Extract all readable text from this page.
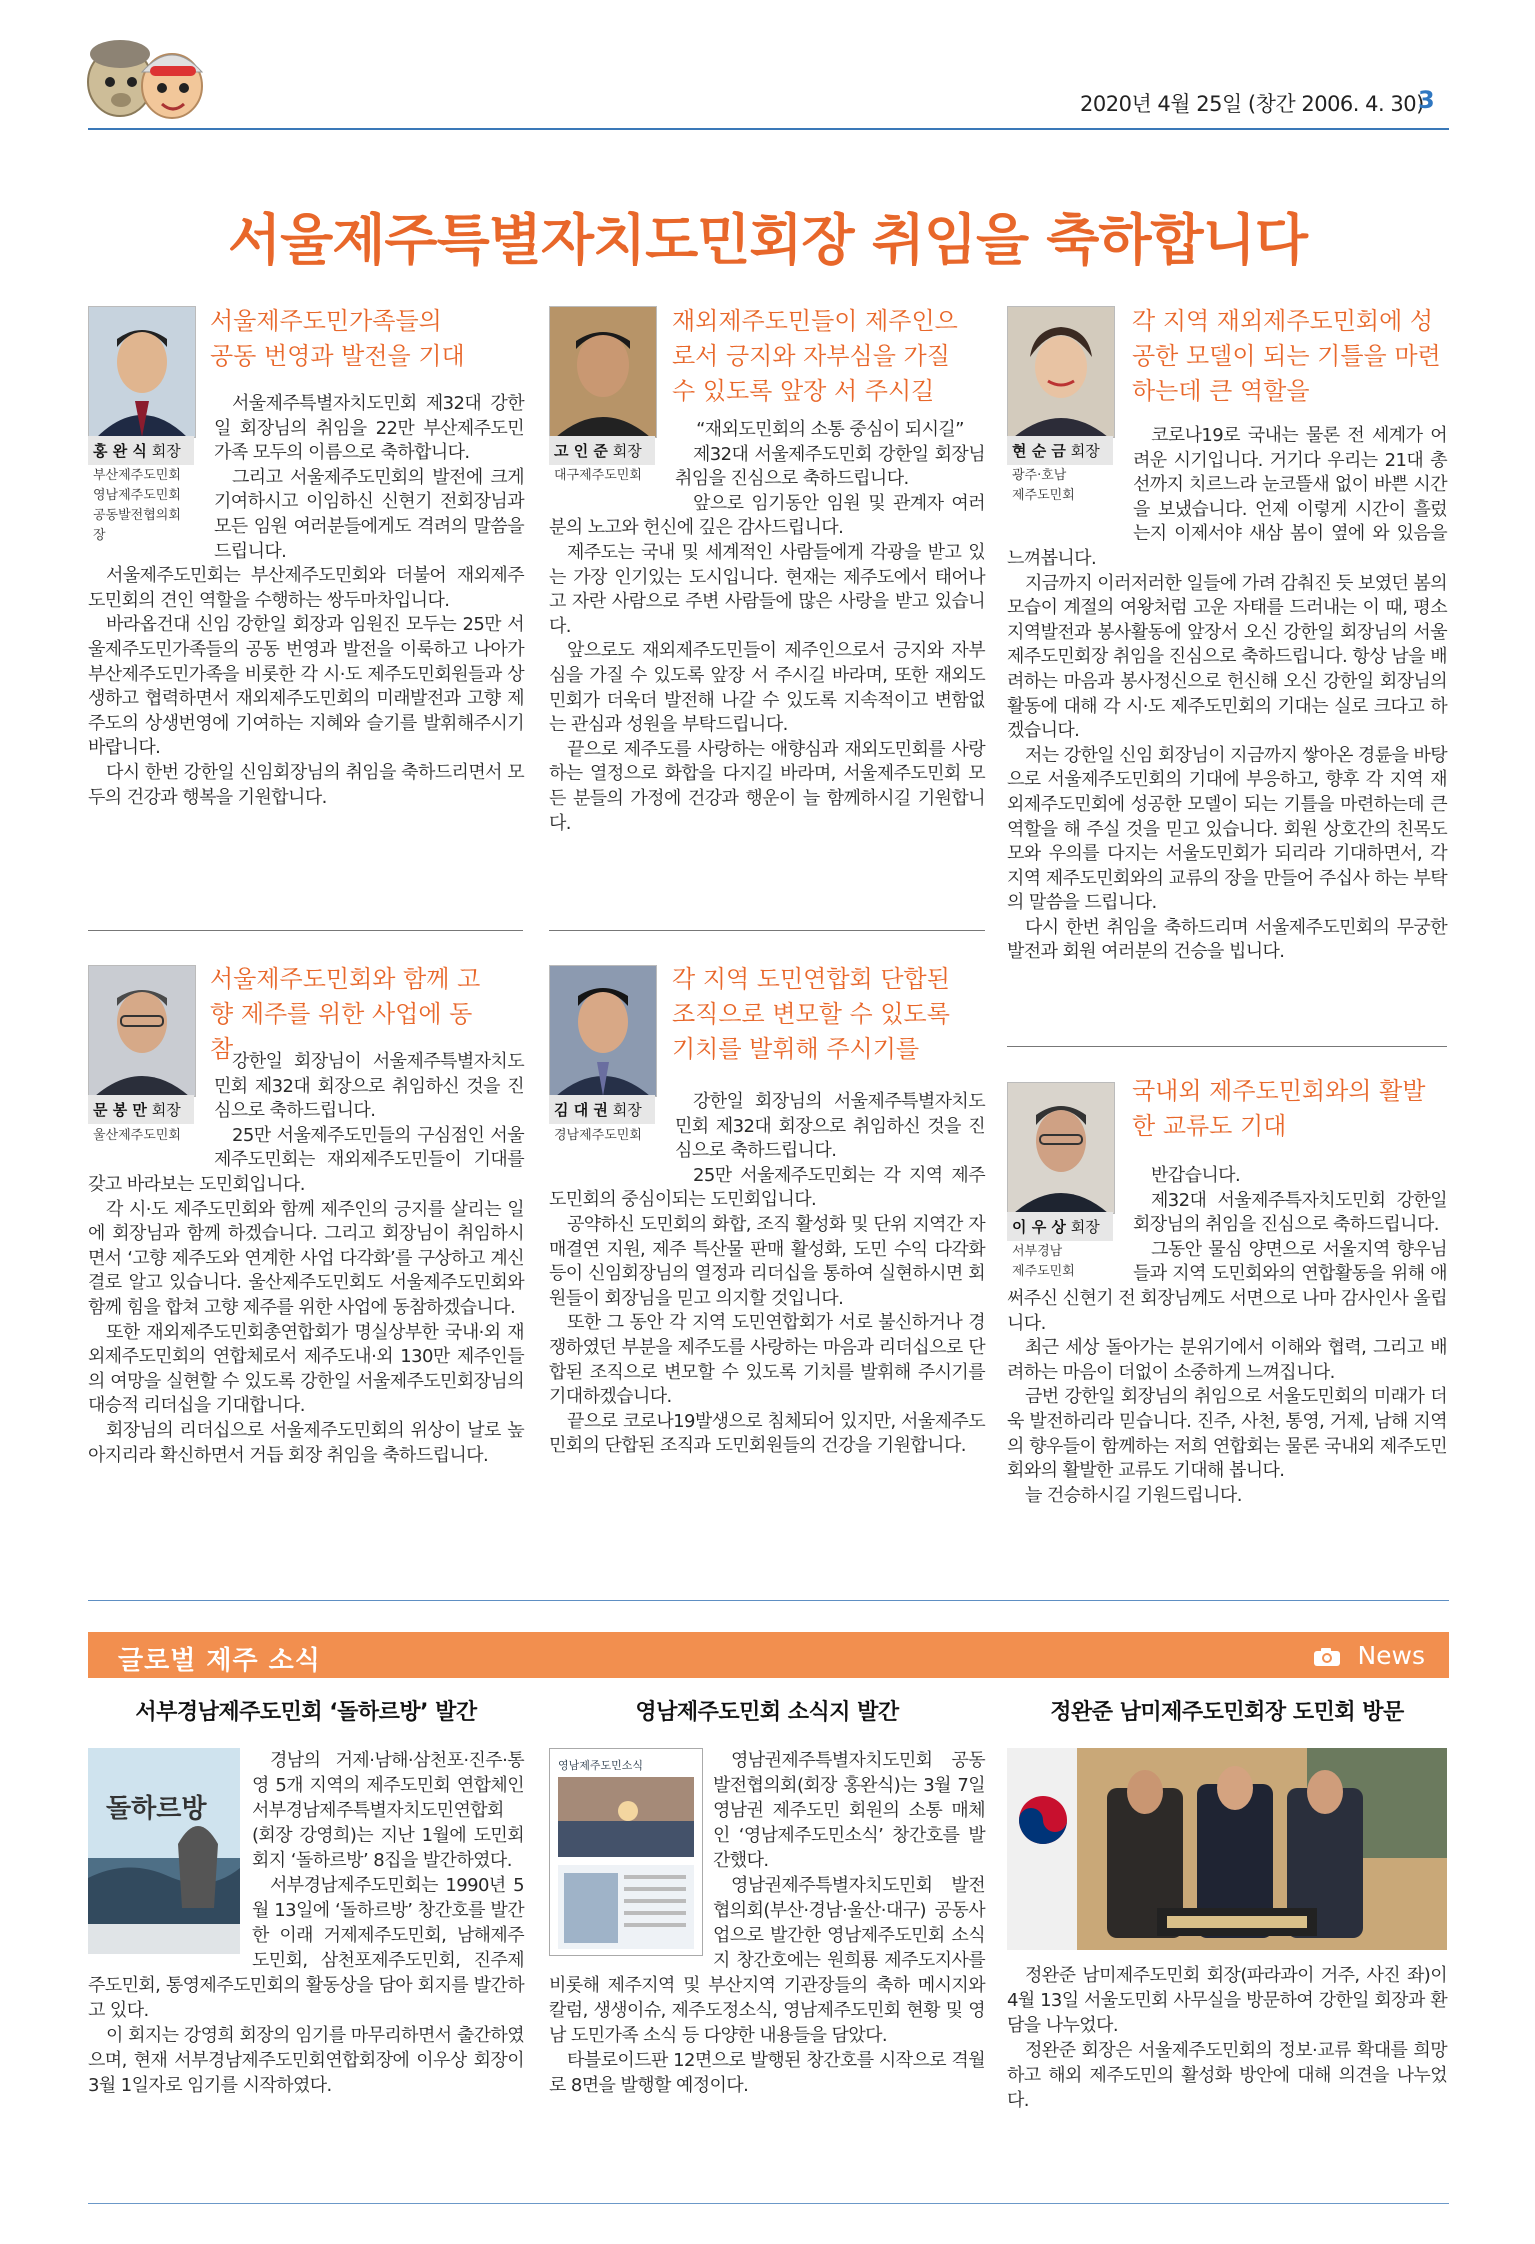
2020년 4월 25일 (창간 2006. 4. 30)
3
서울제주특별자치도민회장 취임을 축하합니다
홍 완 식 회장
부산제주도민회
영남제주도민회
공동발전협의회장
서울제주도민가족들의 공동 번영과 발전을 기대

서울제주특별자치도민회 제32대 강한일 회장님의 취임을 22만 부산제주도민 가족 모두의 이름으로 축하합니다.

그리고 서울제주도민회의 발전에 크게 기여하시고 이임하신 신현기 전회장님과 모든 임원 여러분들에게도 격려의 말씀을 드립니다.

서울제주도민회는 부산제주도민회와 더불어 재외제주도민회의 견인 역할을 수행하는 쌍두마차입니다.

바라옵건대 신임 강한일 회장과 임원진 모두는 25만 서울제주도민가족들의 공동 번영과 발전을 이룩하고 나아가 부산제주도민가족을 비롯한 각 시·도 제주도민회원들과 상생하고 협력하면서 재외제주도민회의 미래발전과 고향 제주도의 상생번영에 기여하는 지혜와 슬기를 발휘해주시기 바랍니다.

다시 한번 강한일 신임회장님의 취임을 축하드리면서 모두의 건강과 행복을 기원합니다.

고 인 준 회장
대구제주도민회
재외제주도민들이 제주인으로서 긍지와 자부심을 가질 수 있도록 앞장 서 주시길

“재외도민회의 소통 중심이 되시길”

제32대 서울제주도민회 강한일 회장님 취임을 진심으로 축하드립니다.

앞으로 임기동안 임원 및 관계자 여러분의 노고와 헌신에 깊은 감사드립니다.

제주도는 국내 및 세계적인 사람들에게 각광을 받고 있는 가장 인기있는 도시입니다. 현재는 제주도에서 태어나고 자란 사람으로 주변 사람들에 많은 사랑을 받고 있습니다.

앞으로도 재외제주도민들이 제주인으로서 긍지와 자부심을 가질 수 있도록 앞장 서 주시길 바라며, 또한 재외도민회가 더욱더 발전해 나갈 수 있도록 지속적이고 변함없는 관심과 성원을 부탁드립니다.

끝으로 제주도를 사랑하는 애향심과 재외도민회를 사랑하는 열정으로 화합을 다지길 바라며, 서울제주도민회 모든 분들의 가정에 건강과 행운이 늘 함께하시길 기원합니다.

현 순 금 회장
광주·호남
제주도민회
각 지역 재외제주도민회에 성공한 모델이 되는 기틀을 마련하는데 큰 역할을

코로나19로 국내는 물론 전 세계가 어려운 시기입니다. 거기다 우리는 21대 총선까지 치르느라 눈코뜰새 없이 바쁜 시간을 보냈습니다. 언제 이렇게 시간이 흘렀는지 이제서야 새삼 봄이 옆에 와 있음을 느껴봅니다.

지금까지 이러저러한 일들에 가려 감춰진 듯 보였던 봄의 모습이 계절의 여왕처럼 고운 자태를 드러내는 이 때, 평소 지역발전과 봉사활동에 앞장서 오신 강한일 회장님의 서울제주도민회장 취임을 진심으로 축하드립니다. 항상 남을 배려하는 마음과 봉사정신으로 헌신해 오신 강한일 회장님의 활동에 대해 각 시·도 제주도민회의 기대는 실로 크다고 하겠습니다.

저는 강한일 신임 회장님이 지금까지 쌓아온 경륜을 바탕으로 서울제주도민회의 기대에 부응하고, 향후 각 지역 재외제주도민회에 성공한 모델이 되는 기틀을 마련하는데 큰 역할을 해 주실 것을 믿고 있습니다. 회원 상호간의 친목도모와 우의를 다지는 서울도민회가 되리라 기대하면서, 각 지역 제주도민회와의 교류의 장을 만들어 주십사 하는 부탁의 말씀을 드립니다.

다시 한번 취임을 축하드리며 서울제주도민회의 무궁한 발전과 회원 여러분의 건승을 빕니다.

문 봉 만 회장
울산제주도민회
서울제주도민회와 함께 고향 제주를 위한 사업에 동참

강한일 회장님이 서울제주특별자치도민회 제32대 회장으로 취임하신 것을 진심으로 축하드립니다.

25만 서울제주도민들의 구심점인 서울제주도민회는 재외제주도민들이 기대를 갖고 바라보는 도민회입니다.

각 시·도 제주도민회와 함께 제주인의 긍지를 살리는 일에 회장님과 함께 하겠습니다. 그리고 회장님이 취임하시면서 ‘고향 제주도와 연계한 사업 다각화’를 구상하고 계신 결로 알고 있습니다. 울산제주도민회도 서울제주도민회와 함께 힘을 합쳐 고향 제주를 위한 사업에 동참하겠습니다.

또한 재외제주도민회총연합회가 명실상부한 국내·외 재외제주도민회의 연합체로서 제주도내·외 130만 제주인들의 여망을 실현할 수 있도록 강한일 서울제주도민회장님의 대승적 리더십을 기대합니다.

회장님의 리더십으로 서울제주도민회의 위상이 날로 높아지리라 확신하면서 거듭 회장 취임을 축하드립니다.

김 대 권 회장
경남제주도민회
각 지역 도민연합회 단합된 조직으로 변모할 수 있도록 기치를 발휘해 주시기를

강한일 회장님의 서울제주특별자치도민회 제32대 회장으로 취임하신 것을 진심으로 축하드립니다.

25만 서울제주도민회는 각 지역 제주도민회의 중심이되는 도민회입니다.

공약하신 도민회의 화합, 조직 활성화 및 단위 지역간 자매결연 지원, 제주 특산물 판매 활성화, 도민 수익 다각화 등이 신임회장님의 열정과 리더십을 통하여 실현하시면 회원들이 회장님을 믿고 의지할 것입니다.

또한 그 동안 각 지역 도민연합회가 서로 불신하거나 경쟁하였던 부분을 제주도를 사랑하는 마음과 리더십으로 단합된 조직으로 변모할 수 있도록 기치를 발휘해 주시기를 기대하겠습니다.

끝으로 코로나19발생으로 침체되어 있지만, 서울제주도민회의 단합된 조직과 도민회원들의 건강을 기원합니다.

이 우 상 회장
서부경남
제주도민회
국내외 제주도민회와의 활발한 교류도 기대

반갑습니다.

제32대 서울제주특자치도민회 강한일 회장님의 취임을 진심으로 축하드립니다.

그동안 물심 양면으로 서울지역 향우님들과 지역 도민회와의 연합활동을 위해 애써주신 신현기 전 회장님께도 서면으로 나마 감사인사 올립니다.

최근 세상 돌아가는 분위기에서 이해와 협력, 그리고 배려하는 마음이 더없이 소중하게 느껴집니다.

금번 강한일 회장님의 취임으로 서울도민회의 미래가 더욱 발전하리라 믿습니다. 진주, 사천, 통영, 거제, 남해 지역의 향우들이 함께하는 저희 연합회는 물론 국내외 제주도민회와의 활발한 교류도 기대해 봅니다.

늘 건승하시길 기원드립니다.

글로벌 제주 소식	News
서부경남제주도민회 ‘돌하르방’ 발간
돌하르방

경남의 거제·남해·삼천포·진주·통영 5개 지역의 제주도민회 연합체인 서부경남제주특별자치도민연합회(회장 강영희)는 지난 1월에 도민회 회지 ‘돌하르방’ 8집을 발간하였다.

서부경남제주도민회는 1990년 5월 13일에 ‘돌하르방’ 창간호를 발간한 이래 거제제주도민회, 남해제주도민회, 삼천포제주도민회, 진주제주도민회, 통영제주도민회의 활동상을 담아 회지를 발간하고 있다.

이 회지는 강영희 회장의 임기를 마무리하면서 출간하였으며, 현재 서부경남제주도민회연합회장에 이우상 회장이 3월 1일자로 임기를 시작하였다.

영남제주도민회 소식지 발간
영남제주도민소식	영남권제주특별자치도민회 공동발전협의회(회장 홍완식)는 3월 7일 영남권 제주도민 회원의 소통 매체인 ‘영남제주도민소식’ 창간호를 발간했다.

영남권제주특별자치도민회 발전협의회(부산·경남·울산·대구) 공동사업으로 발간한 영남제주도민회 소식지 창간호에는 원희룡 제주도지사를 비롯해 제주지역 및 부산지역 기관장들의 축하 메시지와 칼럼, 생생이슈, 제주도정소식, 영남제주도민회 현황 및 영남 도민가족 소식 등 다양한 내용들을 담았다.

타블로이드판 12면으로 발행된 창간호를 시작으로 격월로 8면을 발행할 예정이다.

정완준 남미제주도민회장 도민회 방문

정완준 남미제주도민회 회장(파라과이 거주, 사진 좌)이 4월 13일 서울도민회 사무실을 방문하여 강한일 회장과 환담을 나누었다.

정완준 회장은 서울제주도민회의 정보·교류 확대를 희망하고 해외 제주도민의 활성화 방안에 대해 의견을 나누었다.
